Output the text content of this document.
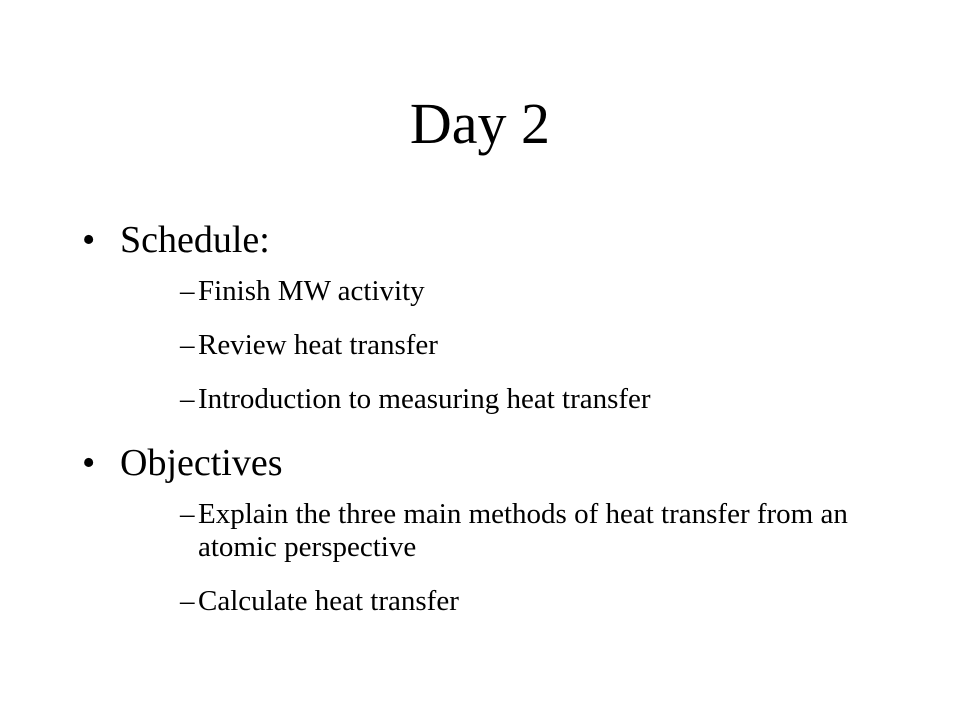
Day 2
• Schedule:
– Finish MW activity
– Review heat transfer
– Introduction to measuring heat transfer
• Objectives
– Explain the three main methods of heat transfer from an atomic perspective
– Calculate heat transfer
